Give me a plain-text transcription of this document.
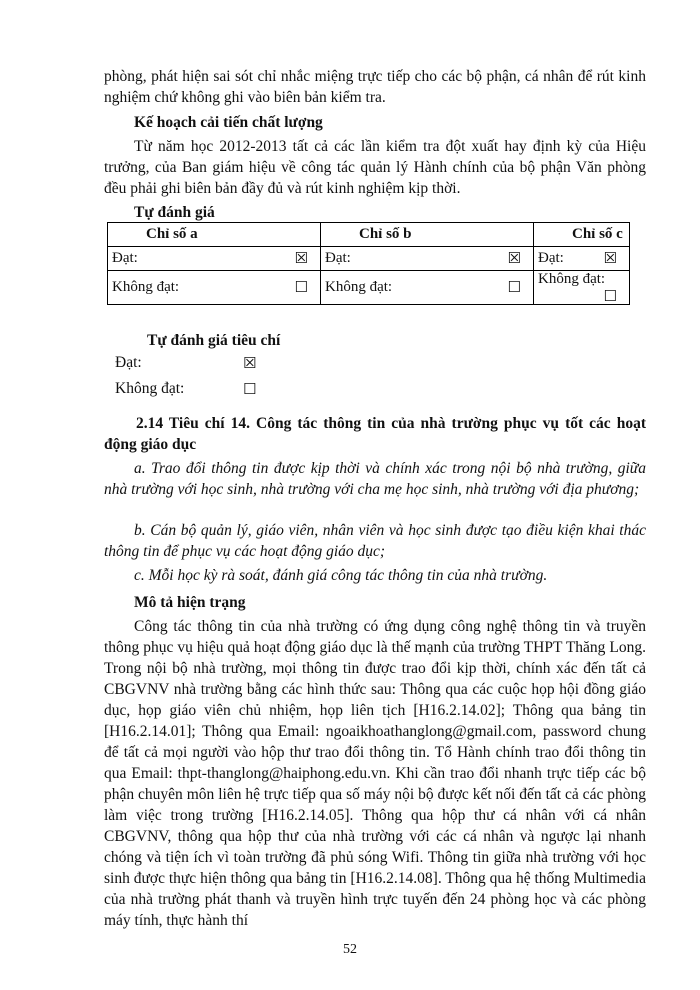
phòng, phát hiện sai sót chỉ nhắc miệng trực tiếp cho các bộ phận, cá nhân để rút kinh nghiệm chứ không ghi vào biên bản kiểm tra.
Kế hoạch cải tiến chất lượng
Từ năm học 2012-2013 tất cả các lần kiểm tra đột xuất hay định kỳ của Hiệu trưởng, của Ban giám hiệu về công tác quản lý Hành chính của bộ phận Văn phòng đều phải ghi biên bản đầy đủ và rút kinh nghiệm kịp thời.
Tự đánh giá
Chỉ số a	Chỉ số b	Chỉ số c
Đạt: ☒	Đạt: ☒	Đạt: ☒

Không đạt: ☐	Không đạt: ☐	Không đạt:
☐
Tự đánh giá tiêu chí
Đạt:	☒
Không đạt:	☐
2.14 Tiêu chí 14. Công tác thông tin của nhà trường phục vụ tốt các hoạt động giáo dục
a. Trao đổi thông tin được kịp thời và chính xác trong nội bộ nhà trường, giữa nhà trường với học sinh, nhà trường với cha mẹ học sinh, nhà trường với địa phương;
b. Cán bộ quản lý, giáo viên, nhân viên và học sinh được tạo điều kiện khai thác thông tin để phục vụ các hoạt động giáo dục;
c. Mỗi học kỳ rà soát, đánh giá công tác thông tin của nhà trường.
Mô tả hiện trạng
Công tác thông tin của nhà trường có ứng dụng công nghệ thông tin và truyền thông phục vụ hiệu quả hoạt động giáo dục là thế mạnh của trường THPT Thăng Long. Trong nội bộ nhà trường, mọi thông tin được trao đổi kịp thời, chính xác đến tất cả CBGVNV nhà trường bằng các hình thức sau: Thông qua các cuộc họp hội đồng giáo dục, họp giáo viên chủ nhiệm, họp liên tịch [H16.2.14.02]; Thông qua bảng tin [H16.2.14.01]; Thông qua Email: ngoaikhoathanglong@gmail.com, password chung để tất cả mọi người vào hộp thư trao đổi thông tin. Tổ Hành chính trao đổi thông tin qua Email: thpt-thanglong@haiphong.edu.vn. Khi cần trao đổi nhanh trực tiếp các bộ phận chuyên môn liên hệ trực tiếp qua số máy nội bộ được kết nối đến tất cả các phòng làm việc trong trường [H16.2.14.05]. Thông qua hộp thư cá nhân với cá nhân CBGVNV, thông qua hộp thư của nhà trường với các cá nhân và ngược lại nhanh chóng và tiện ích vì toàn trường đã phủ sóng Wifi. Thông tin giữa nhà trường với học sinh được thực hiện thông qua bảng tin [H16.2.14.08]. Thông qua hệ thống Multimedia của nhà trường phát thanh và truyền hình trực tuyến đến 24 phòng học và các phòng máy tính, thực hành thí
52
